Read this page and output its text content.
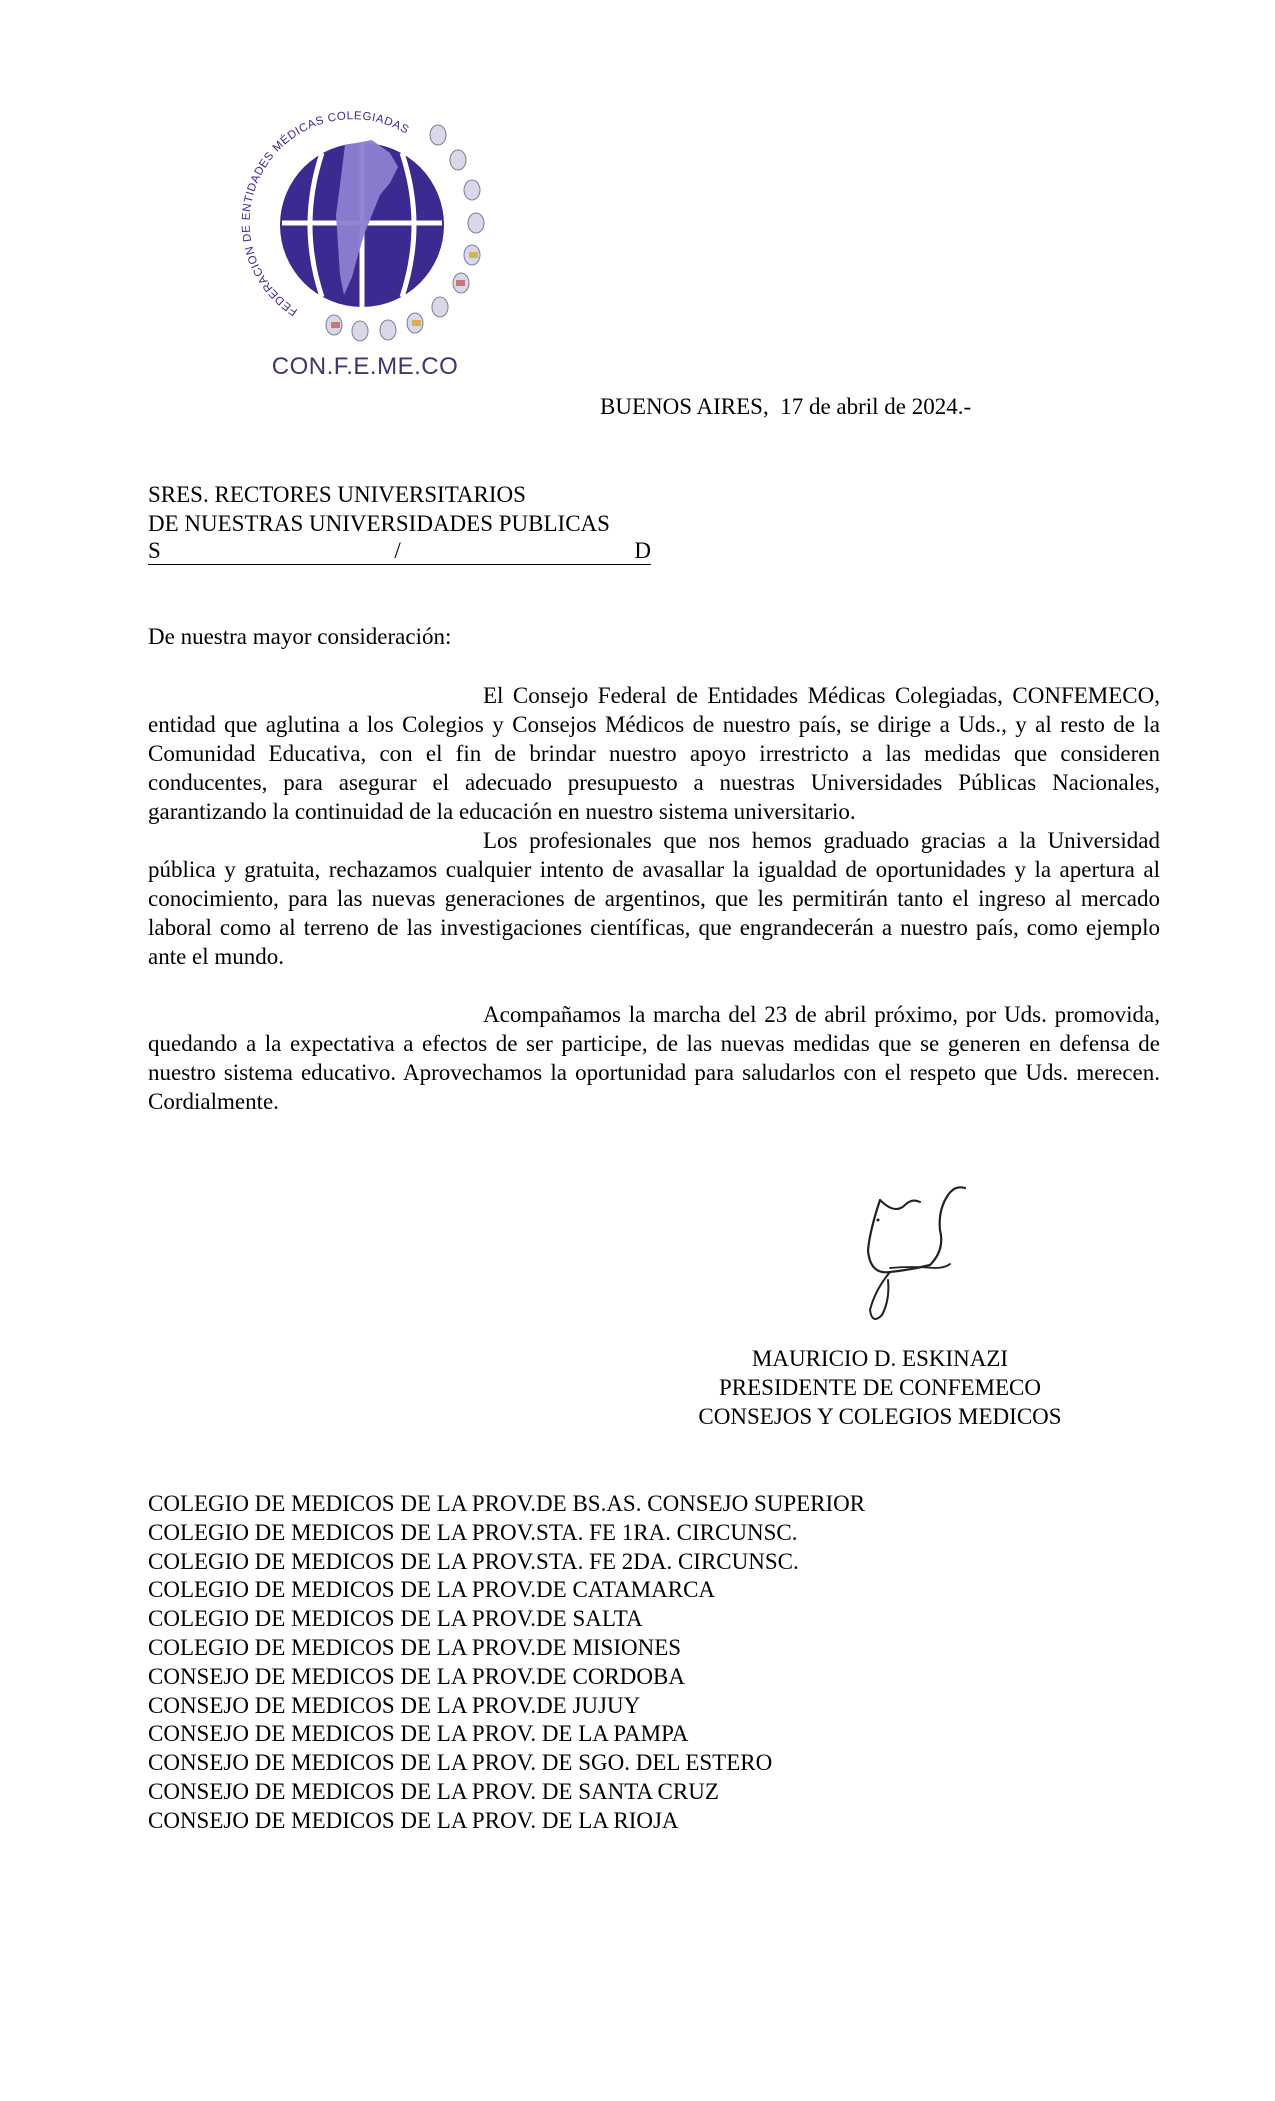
FEDERACION DE ENTIDADES MÉDICAS COLEGIADAS
CON.F.E.ME.CO
BUENOS AIRES,  17 de abril de 2024.-
SRES. RECTORES UNIVERSITARIOS
DE NUESTRAS UNIVERSIDADES PUBLICAS
S	/	D
De nuestra mayor consideración:

El Consejo Federal de Entidades Médicas Colegiadas, CONFEMECO, entidad que aglutina a los Colegios y Consejos Médicos de nuestro país, se dirige a Uds., y al resto de la Comunidad Educativa, con el fin de brindar nuestro apoyo irrestricto a las medidas que consideren conducentes, para asegurar el adecuado presupuesto a nuestras Universidades Públicas Nacionales, garantizando la continuidad de la educación en nuestro sistema universitario.

Los profesionales que nos hemos graduado gracias a la Universidad pública y gratuita, rechazamos cualquier intento de avasallar la igualdad de oportunidades y la apertura al conocimiento, para las nuevas generaciones de argentinos, que les permitirán tanto el ingreso al mercado laboral como al terreno de las investigaciones científicas, que engrandecerán a nuestro país, como ejemplo ante el mundo.

Acompañamos la marcha del 23 de abril próximo, por Uds. promovida, quedando a la expectativa a efectos de ser participe, de las nuevas medidas que se generen en defensa de nuestro sistema educativo. Aprovechamos la oportunidad para saludarlos con el respeto que Uds. merecen. Cordialmente.

MAURICIO D. ESKINAZI
PRESIDENTE DE CONFEMECO
CONSEJOS Y COLEGIOS MEDICOS
COLEGIO DE MEDICOS DE LA PROV.DE BS.AS. CONSEJO SUPERIOR
COLEGIO DE MEDICOS DE LA PROV.STA. FE 1RA. CIRCUNSC.
COLEGIO DE MEDICOS DE LA PROV.STA. FE 2DA. CIRCUNSC.
COLEGIO DE MEDICOS DE LA PROV.DE CATAMARCA
COLEGIO DE MEDICOS DE LA PROV.DE SALTA
COLEGIO DE MEDICOS DE LA PROV.DE MISIONES
CONSEJO DE MEDICOS DE LA PROV.DE CORDOBA
CONSEJO DE MEDICOS DE LA PROV.DE JUJUY
CONSEJO DE MEDICOS DE LA PROV. DE LA PAMPA
CONSEJO DE MEDICOS DE LA PROV. DE SGO. DEL ESTERO
CONSEJO DE MEDICOS DE LA PROV. DE SANTA CRUZ
CONSEJO DE MEDICOS DE LA PROV. DE LA RIOJA
